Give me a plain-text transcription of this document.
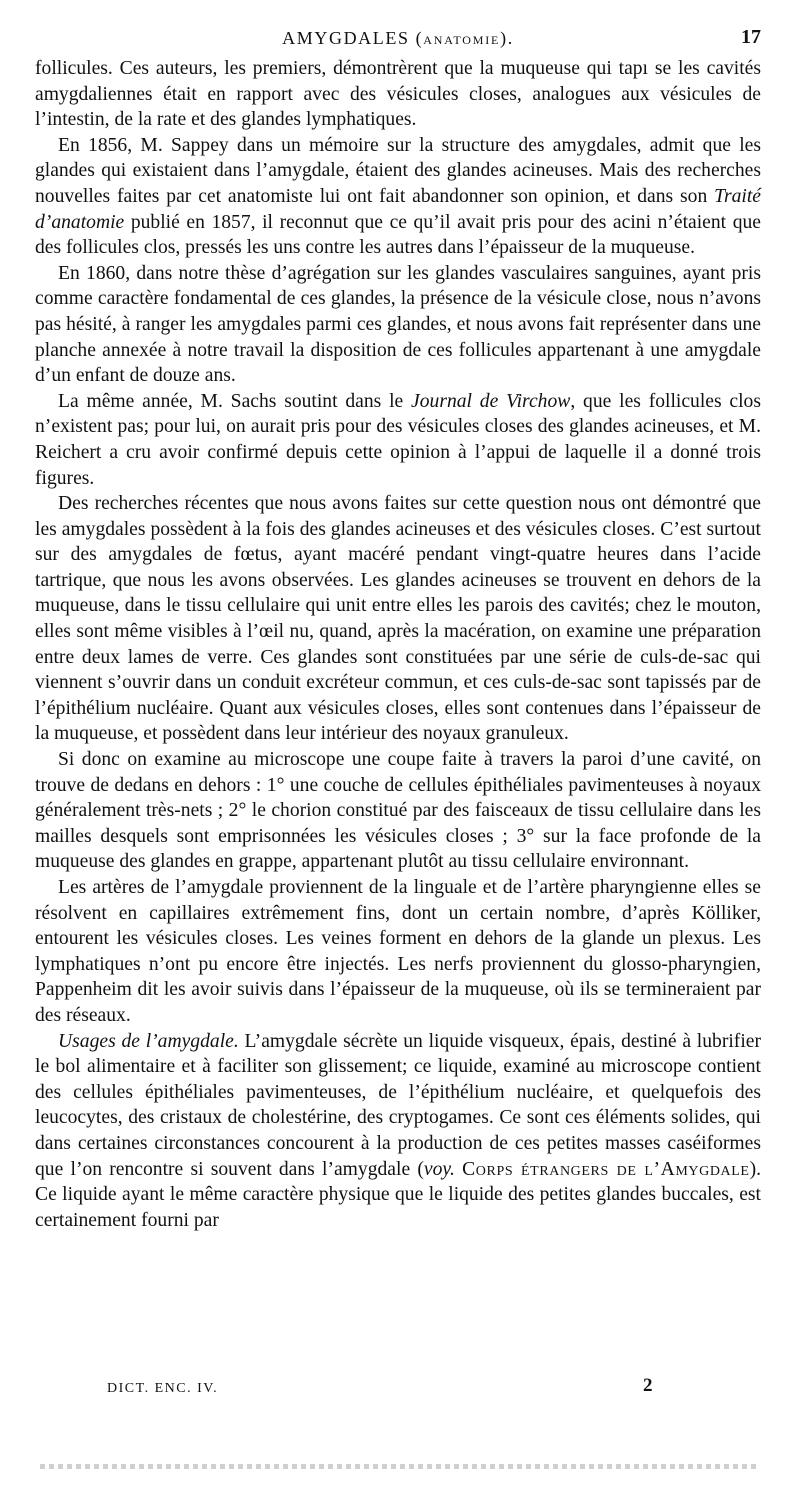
AMYGDALES (ANATOMIE).	17

follicules. Ces auteurs, les premiers, démontrèrent que la muqueuse qui tapı se les cavités amygdaliennes était en rapport avec des vésicules closes, analogues aux vésicules de l’intestin, de la rate et des glandes lymphatiques.

En 1856, M. Sappey dans un mémoire sur la structure des amygdales, admit que les glandes qui existaient dans l’amygdale, étaient des glandes acineuses. Mais des recherches nouvelles faites par cet anatomiste lui ont fait abandonner son opinion, et dans son Traité d’anatomie publié en 1857, il reconnut que ce qu’il avait pris pour des acini n’étaient que des follicules clos, pressés les uns contre les autres dans l’épaisseur de la muqueuse.

En 1860, dans notre thèse d’agrégation sur les glandes vasculaires sanguines, ayant pris comme caractère fondamental de ces glandes, la présence de la vésicule close, nous n’avons pas hésité, à ranger les amygdales parmi ces glandes, et nous avons fait représenter dans une planche annexée à notre travail la disposition de ces follicules appartenant à une amygdale d’un enfant de douze ans.

La même année, M. Sachs soutint dans le Journal de Virchow, que les follicules clos n’existent pas; pour lui, on aurait pris pour des vésicules closes des glandes acineuses, et M. Reichert a cru avoir confirmé depuis cette opinion à l’appui de laquelle il a donné trois figures.

Des recherches récentes que nous avons faites sur cette question nous ont démontré que les amygdales possèdent à la fois des glandes acineuses et des vésicules closes. C’est surtout sur des amygdales de fœtus, ayant macéré pendant vingt-quatre heures dans l’acide tartrique, que nous les avons observées. Les glandes acineuses se trouvent en dehors de la muqueuse, dans le tissu cellulaire qui unit entre elles les parois des cavités; chez le mouton, elles sont même visibles à l’œil nu, quand, après la macération, on examine une préparation entre deux lames de verre. Ces glandes sont constituées par une série de culs-de-sac qui viennent s’ouvrir dans un conduit excréteur commun, et ces culs-de-sac sont tapissés par de l’épithélium nucléaire. Quant aux vésicules closes, elles sont contenues dans l’épaisseur de la muqueuse, et possèdent dans leur intérieur des noyaux granuleux.

Si donc on examine au microscope une coupe faite à travers la paroi d’une cavité, on trouve de dedans en dehors : 1° une couche de cellules épithéliales pavimenteuses à noyaux généralement très-nets ; 2° le chorion constitué par des faisceaux de tissu cellulaire dans les mailles desquels sont emprisonnées les vésicules closes ; 3° sur la face profonde de la muqueuse des glandes en grappe, appartenant plutôt au tissu cellulaire environnant.

Les artères de l’amygdale proviennent de la linguale et de l’artère pharyngienne elles se résolvent en capillaires extrêmement fins, dont un certain nombre, d’après Kölliker, entourent les vésicules closes. Les veines forment en dehors de la glande un plexus. Les lymphatiques n’ont pu encore être injectés. Les nerfs proviennent du glosso-pharyngien, Pappenheim dit les avoir suivis dans l’épaisseur de la muqueuse, où ils se termineraient par des réseaux.

Usages de l’amygdale. L’amygdale sécrète un liquide visqueux, épais, destiné à lubrifier le bol alimentaire et à faciliter son glissement; ce liquide, examiné au microscope contient des cellules épithéliales pavimenteuses, de l’épithélium nucléaire, et quelquefois des leucocytes, des cristaux de cholestérine, des cryptogames. Ce sont ces éléments solides, qui dans certaines circonstances concourent à la production de ces petites masses caséiformes que l’on rencontre si souvent dans l’amygdale (voy. Corps étrangers de l’Amygdale). Ce liquide ayant le même caractère physique que le liquide des petites glandes buccales, est certainement fourni par

DICT. ENC. IV.	2
